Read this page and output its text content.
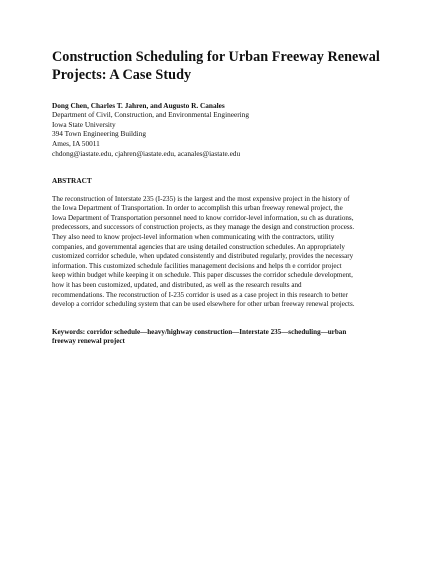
Construction Scheduling for Urban Freeway Renewal
Projects: A Case Study
Dong Chen, Charles T. Jahren, and Augusto R. Canales
Department of Civil, Construction, and Environmental Engineering
Iowa State University
394 Town Engineering Building
Ames, IA 50011
chdong@iastate.edu, cjahren@iastate.edu, acanales@iastate.edu
ABSTRACT
The reconstruction of Interstate 235 (I-235) is the largest and the most expensive project in the history of
the Iowa Department of Transportation. In order to accomplish this urban freeway renewal project, the
Iowa Department of Transportation personnel need to know corridor-level information, su ch as durations,
predecessors, and successors of construction projects, as they manage the design and construction process.
They also need to know project-level information when communicating with the contractors, utility
companies, and governmental agencies that are using detailed construction schedules. An appropriately
customized corridor schedule, when updated consistently and distributed regularly, provides the necessary
information. This customized schedule facilities management decisions and helps th e corridor project
keep within budget while keeping it on schedule. This paper discusses the corridor schedule development,
how it has been customized, updated, and distributed, as well as the research results and
recommendations. The reconstruction of I-235 corridor is used as a case project in this research to better
develop a corridor scheduling system that can be used elsewhere for other urban freeway renewal projects.
Keywords: corridor schedule—heavy/highway construction—Interstate 235—scheduling—urban
freeway renewal project
